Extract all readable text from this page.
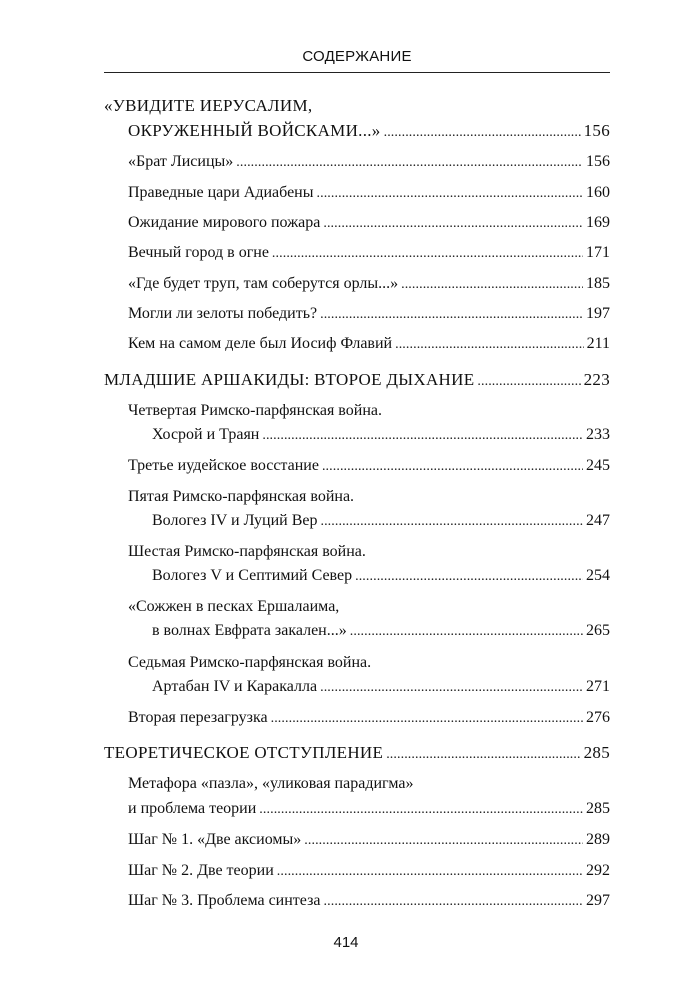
СОДЕРЖАНИЕ
«УВИДИТЕ ИЕРУСАЛИМ,
ОКРУЖЕННЫЙ ВОЙСКАМИ...» . . .	156
«Брат Лисицы» . . .	156
Праведные цари Адиабены . . .	160
Ожидание мирового пожара . . .	169
Вечный город в огне . . .	171
«Где будет труп, там соберутся орлы...» . . .	185
Могли ли зелоты победить? . . .	197
Кем на самом деле был Иосиф Флавий . . .	211
МЛАДШИЕ АРШАКИДЫ: ВТОРОЕ ДЫХАНИЕ . . .	223
Четвертая Римско-парфянская война.
Хосрой и Траян . . .	233
Третье иудейское восстание . . .	245
Пятая Римско-парфянская война.
Вологез IV и Луций Вер . . .	247
Шестая Римско-парфянская война.
Вологез V и Септимий Север . . .	254
«Сожжен в песках Ершалаима,
в волнах Евфрата закален...» . . .	265
Седьмая Римско-парфянская война.
Артабан IV и Каракалла . . .	271
Вторая перезагрузка . . .	276
ТЕОРЕТИЧЕСКОЕ ОТСТУПЛЕНИЕ . . .	285
Метафора «пазла», «уликовая парадигма»
и проблема теории . . .	285
Шаг № 1. «Две аксиомы» . . .	289
Шаг № 2. Две теории . . .	292
Шаг № 3. Проблема синтеза . . .	297
414
